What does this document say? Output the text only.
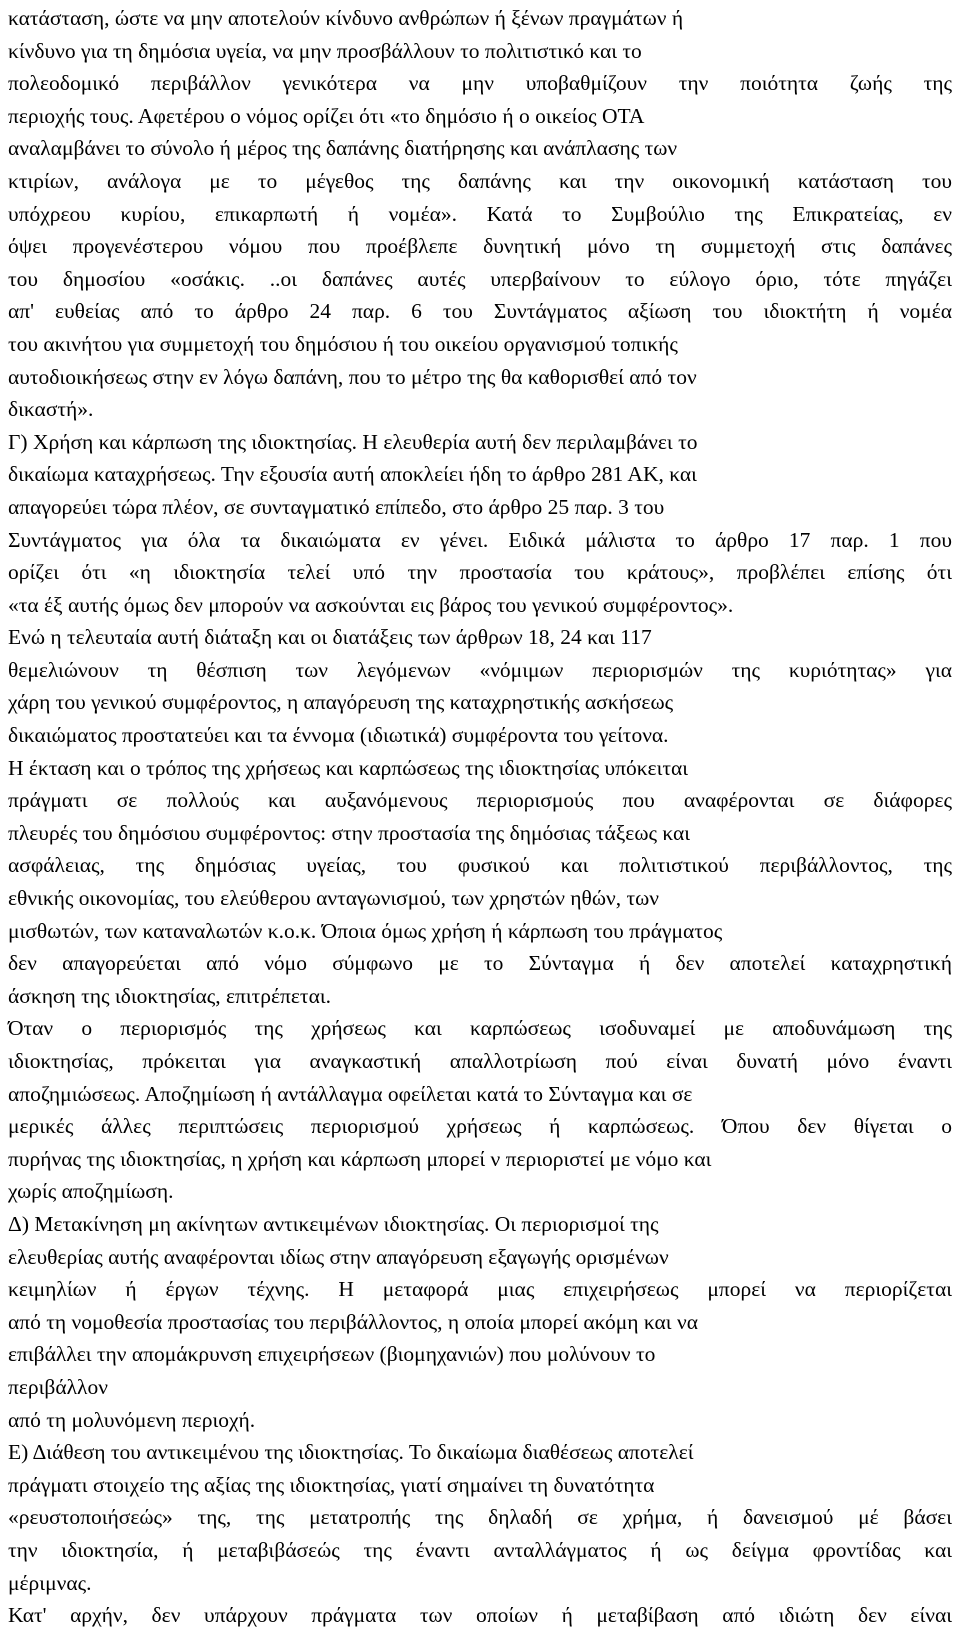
κατάσταση, ώστε να μην αποτελούν κίνδυνο ανθρώπων ή ξένων πραγμάτων ή
κίνδυνο για τη δημόσια υγεία, να μην προσβάλλουν το πολιτιστικό και το
πολεοδομικό περιβάλλον γενικότερα να μην υποβαθμίζουν την ποιότητα ζωής της
περιοχής τους. Αφετέρου ο νόμος ορίζει ότι «το δημόσιο ή ο οικείος ΟΤΑ
αναλαμβάνει το σύνολο ή μέρος της δαπάνης διατήρησης και ανάπλασης των
κτιρίων, ανάλογα με το μέγεθος της δαπάνης και την οικονομική κατάσταση του
υπόχρεου κυρίου, επικαρπωτή ή νομέα». Κατά το Συμβούλιο της Επικρατείας, εν
όψει προγενέστερου νόμου που προέβλεπε δυνητική μόνο τη συμμετοχή στις δαπάνες
του δημοσίου «οσάκις. ..οι δαπάνες αυτές υπερβαίνουν το εύλογο όριο, τότε πηγάζει
απ' ευθείας από το άρθρο 24 παρ. 6 του Συντάγματος αξίωση του ιδιοκτήτη ή νομέα
του ακινήτου για συμμετοχή του δημόσιου ή του οικείου οργανισμού τοπικής
αυτοδιοικήσεως στην εν λόγω δαπάνη, που το μέτρο της θα καθορισθεί από τον
δικαστή».
Γ) Χρήση και κάρπωση της ιδιοκτησίας. Η ελευθερία αυτή δεν περιλαμβάνει το
δικαίωμα καταχρήσεως. Την εξουσία αυτή αποκλείει ήδη το άρθρο 281 ΑΚ, και
απαγορεύει τώρα πλέον, σε συνταγματικό επίπεδο, στο άρθρο 25 παρ. 3 του
Συντάγματος για όλα τα δικαιώματα εν γένει. Ειδικά μάλιστα το άρθρο 17 παρ. 1 που
ορίζει ότι «η ιδιοκτησία τελεί υπό την προστασία του κράτους», προβλέπει επίσης ότι
«τα έξ αυτής όμως δεν μπορούν να ασκούνται εις βάρος του γενικού συμφέροντος».
Ενώ η τελευταία αυτή διάταξη και οι διατάξεις των άρθρων 18, 24 και 117
θεμελιώνουν τη θέσπιση των λεγόμενων «νόμιμων περιορισμών της κυριότητας» για
χάρη του γενικού συμφέροντος, η απαγόρευση της καταχρηστικής ασκήσεως
δικαιώματος προστατεύει και τα έννομα (ιδιωτικά) συμφέροντα του γείτονα.
Η έκταση και ο τρόπος της χρήσεως και καρπώσεως της ιδιοκτησίας υπόκειται
πράγματι σε πολλούς και αυξανόμενους περιορισμούς που αναφέρονται σε διάφορες
πλευρές του δημόσιου συμφέροντος: στην προστασία της δημόσιας τάξεως και
ασφάλειας, της δημόσιας υγείας, του φυσικού και πολιτιστικού περιβάλλοντος, της
εθνικής οικονομίας, του ελεύθερου ανταγωνισμού, των χρηστών ηθών, των
μισθωτών, των καταναλωτών κ.ο.κ. Όποια όμως χρήση ή κάρπωση του πράγματος
δεν απαγορεύεται από νόμο σύμφωνο με το Σύνταγμα ή δεν αποτελεί καταχρηστική
άσκηση της ιδιοκτησίας, επιτρέπεται.
Όταν ο περιορισμός της χρήσεως και καρπώσεως ισοδυναμεί με αποδυνάμωση της
ιδιοκτησίας, πρόκειται για αναγκαστική απαλλοτρίωση πού είναι δυνατή μόνο έναντι
αποζημιώσεως. Αποζημίωση ή αντάλλαγμα οφείλεται κατά το Σύνταγμα και σε
μερικές άλλες περιπτώσεις περιορισμού χρήσεως ή καρπώσεως. Όπου δεν θίγεται ο
πυρήνας της ιδιοκτησίας, η χρήση και κάρπωση μπορεί ν περιοριστεί με νόμο και
χωρίς αποζημίωση.
Δ) Μετακίνηση μη ακίνητων αντικειμένων ιδιοκτησίας. Οι περιορισμοί της
ελευθερίας αυτής αναφέρονται ιδίως στην απαγόρευση εξαγωγής ορισμένων
κειμηλίων ή έργων τέχνης. Η μεταφορά μιας επιχειρήσεως μπορεί να περιορίζεται
από τη νομοθεσία προστασίας του περιβάλλοντος, η οποία μπορεί ακόμη και να
επιβάλλει την απομάκρυνση επιχειρήσεων (βιομηχανιών) που μολύνουν το
περιβάλλον
από τη μολυνόμενη περιοχή.
Ε) Διάθεση του αντικειμένου της ιδιοκτησίας. Το δικαίωμα διαθέσεως αποτελεί
πράγματι στοιχείο της αξίας της ιδιοκτησίας, γιατί σημαίνει τη δυνατότητα
«ρευστοποιήσεώς» της, της μετατροπής της δηλαδή σε χρήμα, ή δανεισμού μέ βάσει
την ιδιοκτησία, ή μεταβιβάσεώς της έναντι ανταλλάγματος ή ως δείγμα φροντίδας και
μέριμνας.
Κατ' αρχήν, δεν υπάρχουν πράγματα των οποίων ή μεταβίβαση από ιδιώτη δεν είναι
